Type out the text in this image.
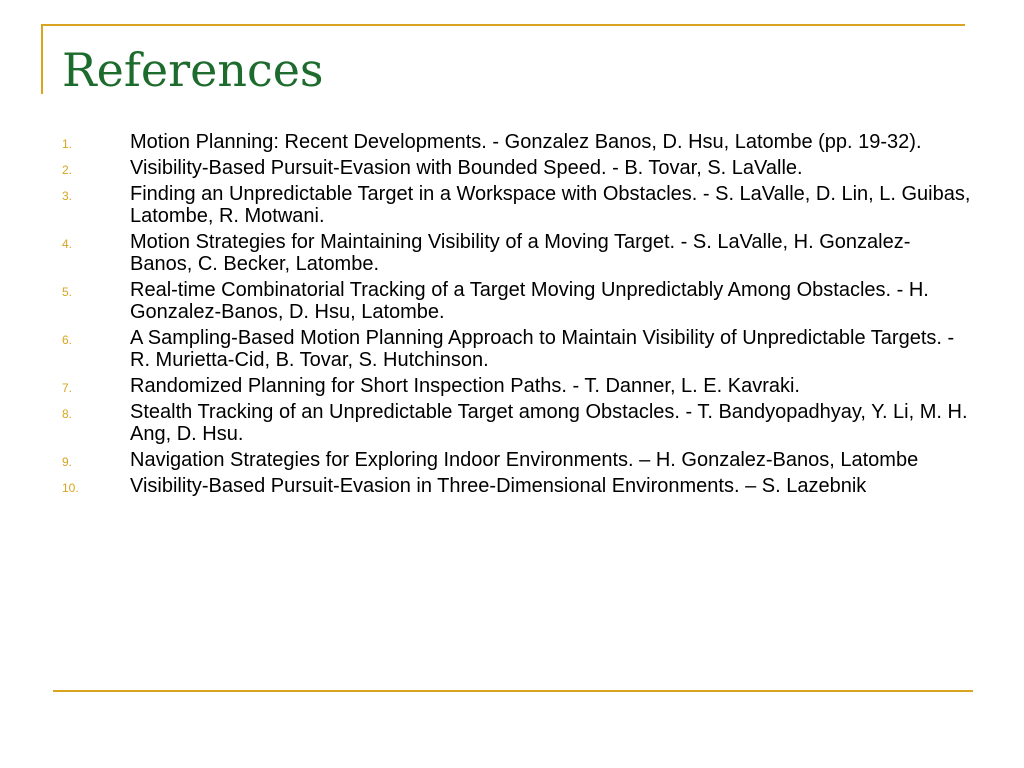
References
1.	Motion Planning: Recent Developments. - Gonzalez Banos, D. Hsu, Latombe (pp. 19-32).
2.	Visibility-Based Pursuit-Evasion with Bounded Speed. - B. Tovar, S. LaValle.
3.	Finding an Unpredictable Target in a Workspace with Obstacles. - S. LaValle, D. Lin, L. Guibas, Latombe, R. Motwani.
4.	Motion Strategies for Maintaining Visibility of a Moving Target. - S. LaValle, H. Gonzalez-Banos, C. Becker, Latombe.
5.	Real-time Combinatorial Tracking of a Target Moving Unpredictably Among Obstacles. - H. Gonzalez-Banos, D. Hsu, Latombe.
6.	A Sampling-Based Motion Planning Approach to Maintain Visibility of Unpredictable Targets. - R. Murietta-Cid, B. Tovar, S. Hutchinson.
7.	Randomized Planning for Short Inspection Paths. - T. Danner, L. E. Kavraki.
8.	Stealth Tracking of an Unpredictable Target among Obstacles. - T. Bandyopadhyay, Y. Li, M. H. Ang, D. Hsu.
9.	Navigation Strategies for Exploring Indoor Environments. – H. Gonzalez-Banos, Latombe
10.	Visibility-Based Pursuit-Evasion in Three-Dimensional Environments. – S. Lazebnik
